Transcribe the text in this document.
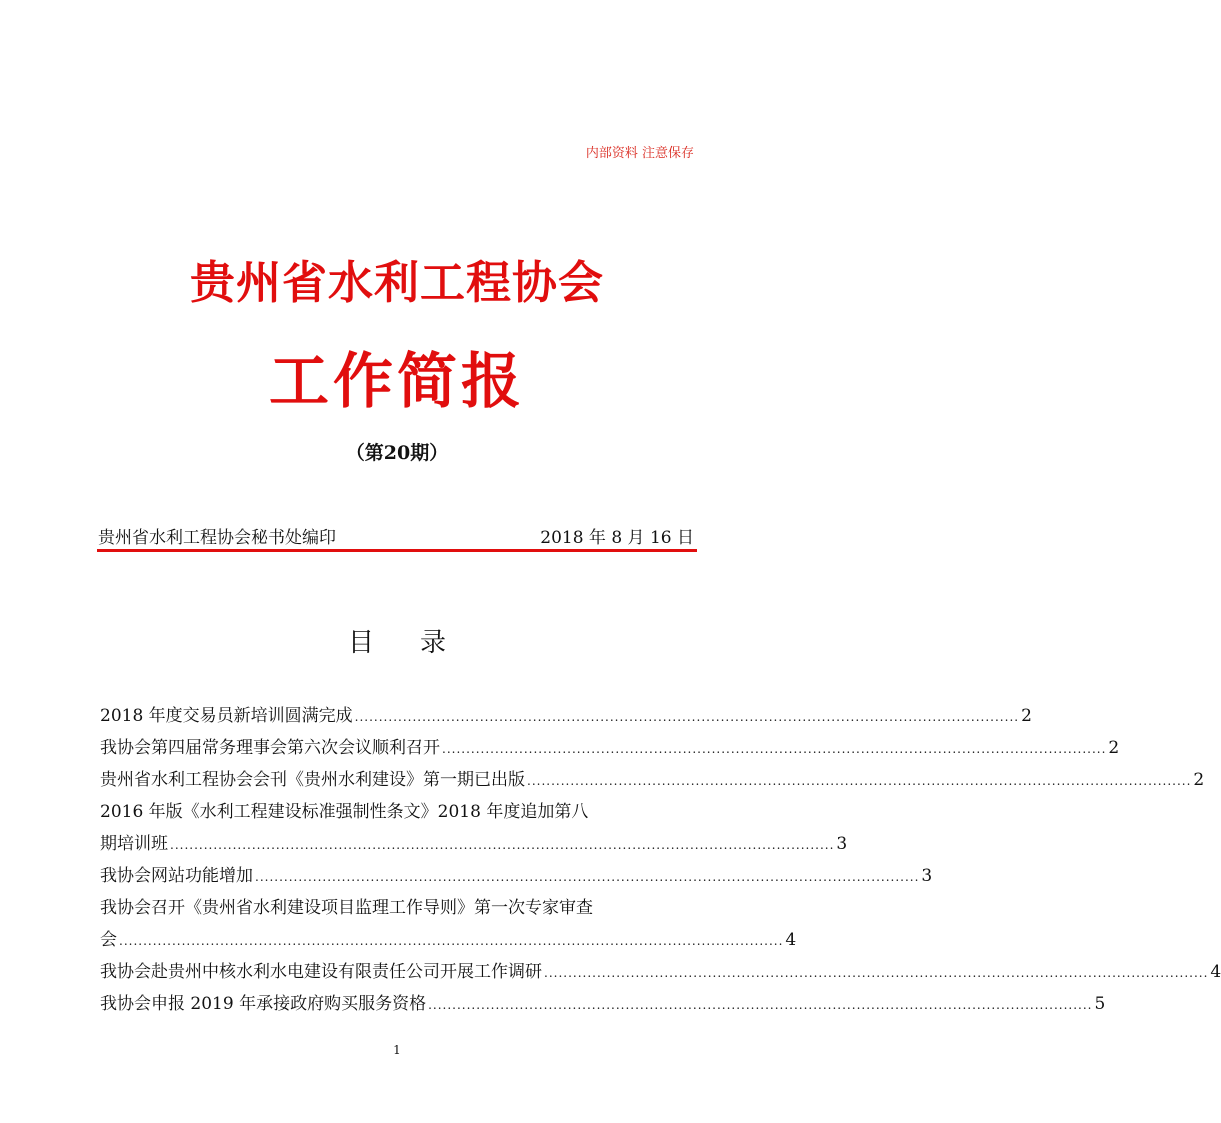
内部资料 注意保存
贵州省水利工程协会
工作简报
（第20期）
贵州省水利工程协会秘书处编印	2018 年 8 月 16 日
目录
2018 年度交易员新培训圆满完成 .......................................................................................................................................... 2
我协会第四届常务理事会第六次会议顺利召开 .......................................................................................................................................... 2
贵州省水利工程协会会刊《贵州水利建设》第一期已出版 .......................................................................................................................................... 2
2016 年版《水利工程建设标准强制性条文》2018 年度追加第八
期培训班 .......................................................................................................................................... 3
我协会网站功能增加 .......................................................................................................................................... 3
我协会召开《贵州省水利建设项目监理工作导则》第一次专家审查
会 .......................................................................................................................................... 4
我协会赴贵州中核水利水电建设有限责任公司开展工作调研 .......................................................................................................................................... 4
我协会申报 2019 年承接政府购买服务资格 .......................................................................................................................................... 5
1
